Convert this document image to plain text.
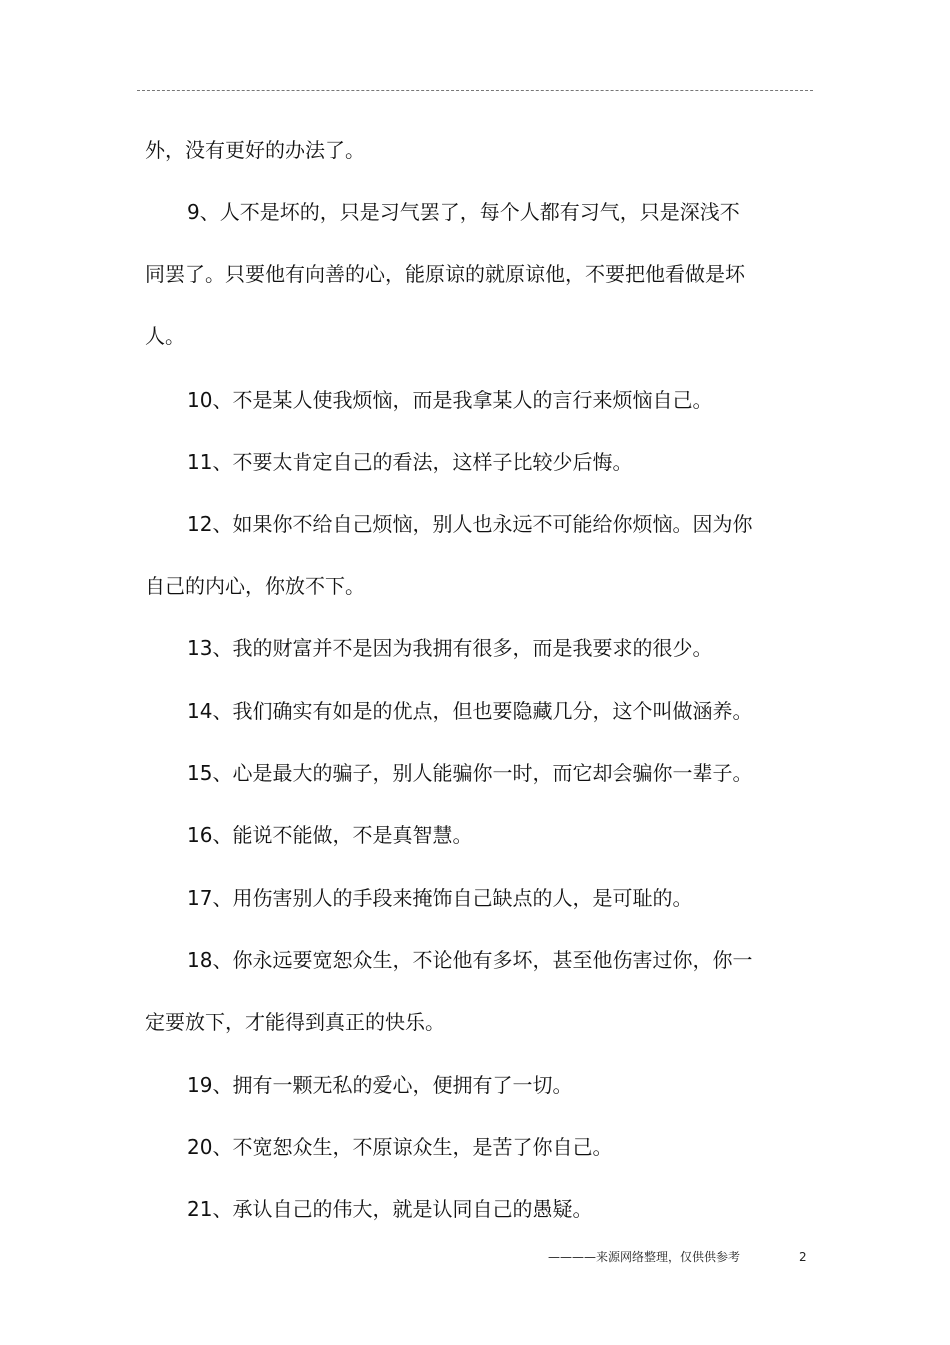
外，没有更好的办法了。
9、人不是坏的，只是习气罢了，每个人都有习气，只是深浅不
同罢了。只要他有向善的心，能原谅的就原谅他，不要把他看做是坏
人。
10、不是某人使我烦恼，而是我拿某人的言行来烦恼自己。
11、不要太肯定自己的看法，这样子比较少后悔。
12、如果你不给自己烦恼，别人也永远不可能给你烦恼。因为你
自己的内心，你放不下。
13、我的财富并不是因为我拥有很多，而是我要求的很少。
14、我们确实有如是的优点，但也要隐藏几分，这个叫做涵养。
15、心是最大的骗子，别人能骗你一时，而它却会骗你一辈子。
16、能说不能做，不是真智慧。
17、用伤害别人的手段来掩饰自己缺点的人，是可耻的。
18、你永远要宽恕众生，不论他有多坏，甚至他伤害过你，你一
定要放下，才能得到真正的快乐。
19、拥有一颗无私的爱心，便拥有了一切。
20、不宽恕众生，不原谅众生，是苦了你自己。
21、承认自己的伟大，就是认同自己的愚疑。
————来源网络整理，仅供供参考	2
